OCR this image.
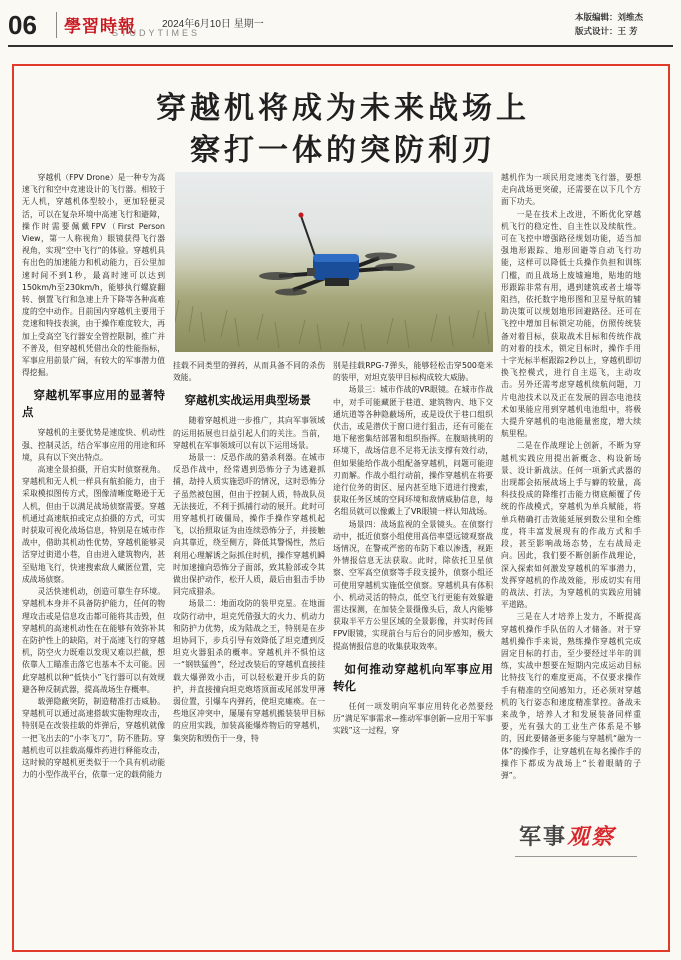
06 學習時報
STUDYTIMES
2024年6月10日 星期一
本版编辑：刘维杰
版式设计：王 芳
穿越机将成为未来战场上
察打一体的突防利刃

穿越机（FPV Drone）是一种专为高速飞行和空中竞速设计的飞行器。相较于无人机，穿越机体型较小，更加轻便灵活，可以在复杂环境中高速飞行和避障，操作时需要佩戴FPV（First Person View，第一人称视角）眼镜获得飞行器视角，实现“空中飞行”的体验。穿越机具有出色的加速能力和机动能力，百公里加速时间不到1秒，最高时速可以达到150km/h至230km/h，能够执行螺旋翻转、倒置飞行和急速上升下降等各种高难度的空中动作。目前国内穿越机主要用于竞速和特技表演，由于操作难度较大，再加上受高空飞行器安全管控限制，推广并不普及，但穿越机凭借出众的性能指标，军事应用前景广阔，有较大的军事潜力值得挖掘。

穿越机军事应用的显著特点

穿越机的主要优势是速度快、机动性强、控制灵活，结合军事应用的用途和环境，具有以下突出特点。

高速全景拍摄，开启实时侦察视角。穿越机和无人机一样具有航拍能力，由于采取模拟图传方式，图像清晰度略逊于无人机，但由于以满足战场侦察需要。穿越机通过高速航拍或定点拍摄的方式，可实时获取可视化战场信息，特别是在城市作战中，借助其机动性优势，穿越机能够灵活穿过街道小巷，自由进入建筑物内，甚至贴地飞行，快速搜索敌人藏匿位置，完成战场侦察。

灵活快速机动，创造可靠生存环境。穿越机本身并不具备防护能力，任何的物理攻击或是信息攻击都可能将其击毁，但穿越机的高速机动性在在能够有效弥补其在防护性上的缺陷，对于高速飞行的穿越机，防空火力既难以发现又难以拦截，想依靠人工瞄准击落它也基本不太可能。因此穿越机以种“低快小”飞行器可以有效规避各种反制武器，提高战场生存概率。

载弹隐蔽突防，制造精准打击威胁。穿越机可以通过高速搭载实施物理攻击，特别是在改装挂载的炸弹后，穿越机就像一把飞出去的“小李飞刀”，防不胜防。穿越机也可以挂载高爆炸药进行释能攻击，这时候的穿越机更类似于一个具有机动能力的小型作战平台，依靠一定的载荷能力

挂载不同类型的弹药，从而具备不同的杀伤效能。

穿越机实战运用典型场景

随着穿越机进一步推广，其向军事领域的运用拓展也日益引起人们的关注。当前，穿越机在军事领域可以有以下运用场景。

场景一：反恐作战的猎杀利器。在城市反恐作战中，经常遇到恐怖分子为逃避抓捕，劫持人质实施恐吓的情况，这时恐怖分子虽然被包围，但由于控制人质，特战队员无法接近，不利于抓捕行动的展开。此时可用穿越机打破僵局，操作手操作穿越机起飞，以抬照取证为由连续恐怖分子，并接触向其靠近，绕至侧方，降低其警惕性，然后利用心理解诱之际抓住时机，操作穿越机瞬时加速撞向恐怖分子面部，致其脸部或令其做出保护动作，松开人质，最后由狙击手协同完成猎杀。

场景二：地面攻防的装甲克星。在地面攻防行动中，坦克凭借强大的火力、机动力和防护力优势，成为陆战之王，特别是在步坦协同下，步兵引导有效降低了坦克遭到反坦克火器狙杀的概率。穿越机并不惧怕这一“钢铁猛兽”，经过改装后的穿越机直接挂载大爆弹效小击，可以轻松避开步兵的防护，并直接撞向坦克炮塔顶面或尾部发甲薄弱位置，引爆车内弹药，使坦克瘫痪。在一些地区冲突中，屡屡有穿越机搬装装甲目标的应用实践，加装高能爆炸物后的穿越机，集突防和毁伤于一身，特

别是挂载RPG-7弹头，能够轻松击穿500毫米的装甲，对坦克装甲目标构成较大威胁。

场景三：城市作战的VR眼镜。在城市作战中，对手可能藏匿于巷道、建筑物内、地下交通坑道等各种隐蔽场所，或是设伏于巷口组织伏击，或是潜伏于窗口进行狙击，还有可能在地下秘密集结部署和组织指挥。在腹暗挑明的环境下，战场信息不足将无法支撑有效行动，但如果能给作战小组配备穿越机，问题可能迎刃而解。作战小组行动前，操作穿越机在将要途行位务的街区、屋内甚至地下道进行搜索，获取任务区域的空间环境和敌情威胁信息，每名组员就可以像戴上了VR眼镜一样认知战场。

场景四：战场监视的全景镜头。在侦察行动中，抵近侦察小组使用高倍率望远镜观察战场情况，在警戒严密的布防下难以渗透，视距外情报信息无法获取。此时，除依托卫星侦察、空军高空侦察等手段支援外，侦察小组还可使用穿越机实施低空侦察。穿越机具有体积小、机动灵活的特点，低空飞行更能有效躲避雷达探测，在加装全景摄像头后，敌人内能够获取半平方公里区域的全景影像，并实时传回FPV眼镜，实现前台与后台的同步感知，极大提高情报信息的收集获取效率。

如何推动穿越机向军事应用转化

任何一项发明向军事应用转化必然要经历“满足军事需求—推动军事创新—应用于军事实践”这一过程，穿

越机作为一项民用竞速类飞行器，要想走向战场更突破，还需要在以下几个方面下功夫。

一是在技术上改进，不断优化穿越机飞行的稳定性、自主性以及续航性。可在飞控中增强路径规划功能，适当加强地形跟踪、地形回避等自动飞行功能，这样可以降低士兵操作负担和训练门槛，而且战场上废墟遍地，贴地的地形跟踪非常有用，遇到建筑或者土墙等阻挡，依托数字地形图和卫星导航的辅助决策可以规划地形回避路径。还可在飞控中增加目标锁定功能，仿照传统装备对着目标，获取战术目标和传统作战的对着的技术，锁定目标时，操作手用十字光标半框跟踪2秒以上，穿越机即切换飞控模式，进行自主巡飞，主动攻击。另外还需考虑穿越机续航问题，刀片电池技术以及正在发展的固态电池技术如果能应用到穿越机电池组中，将极大提升穿越机的电池能量密度，增大续航里程。

二是在作战理论上创新，不断为穿越机实践应用提出新概念、构设新场景、设计新战法。任何一项新式武器的出现都会拓展战场上手与癖的较量，高科技投成的降维打击能力彻底颠覆了传统的作战模式，穿越机为单兵赋能，将单兵精确打击效能延展到数公里和全维度，将丰富发展现有的作战方式和手段，甚至影响战场态势，左右战局走向。因此，我们要不断创新作战理论，深入探索如何激发穿越机的军事潜力，发挥穿越机的作战效能，形成切实有用的战法、打法，为穿越机的实践应用铺平道路。

三是在人才培养上发力，不断提高穿越机操作手队伍的人才储备。对于穿越机操作手来说，熟练操作穿越机完成固定目标的打击，至少要经过半年的训练，实战中想要在短期内完成运动目标比特技飞行的难度更高，不仅要求操作手有精准的空间感知力，还必须对穿越机的飞行姿态和速度精准掌控。备战未来战争，培养人才和发展装备同样重要，光有强大的工业生产体系是不够的，因此要储备更多能与穿越机“融为一体”的操作手，让穿越机在每名操作手的操作下都成为战场上“长着眼睛的子弹”。

军事观察
